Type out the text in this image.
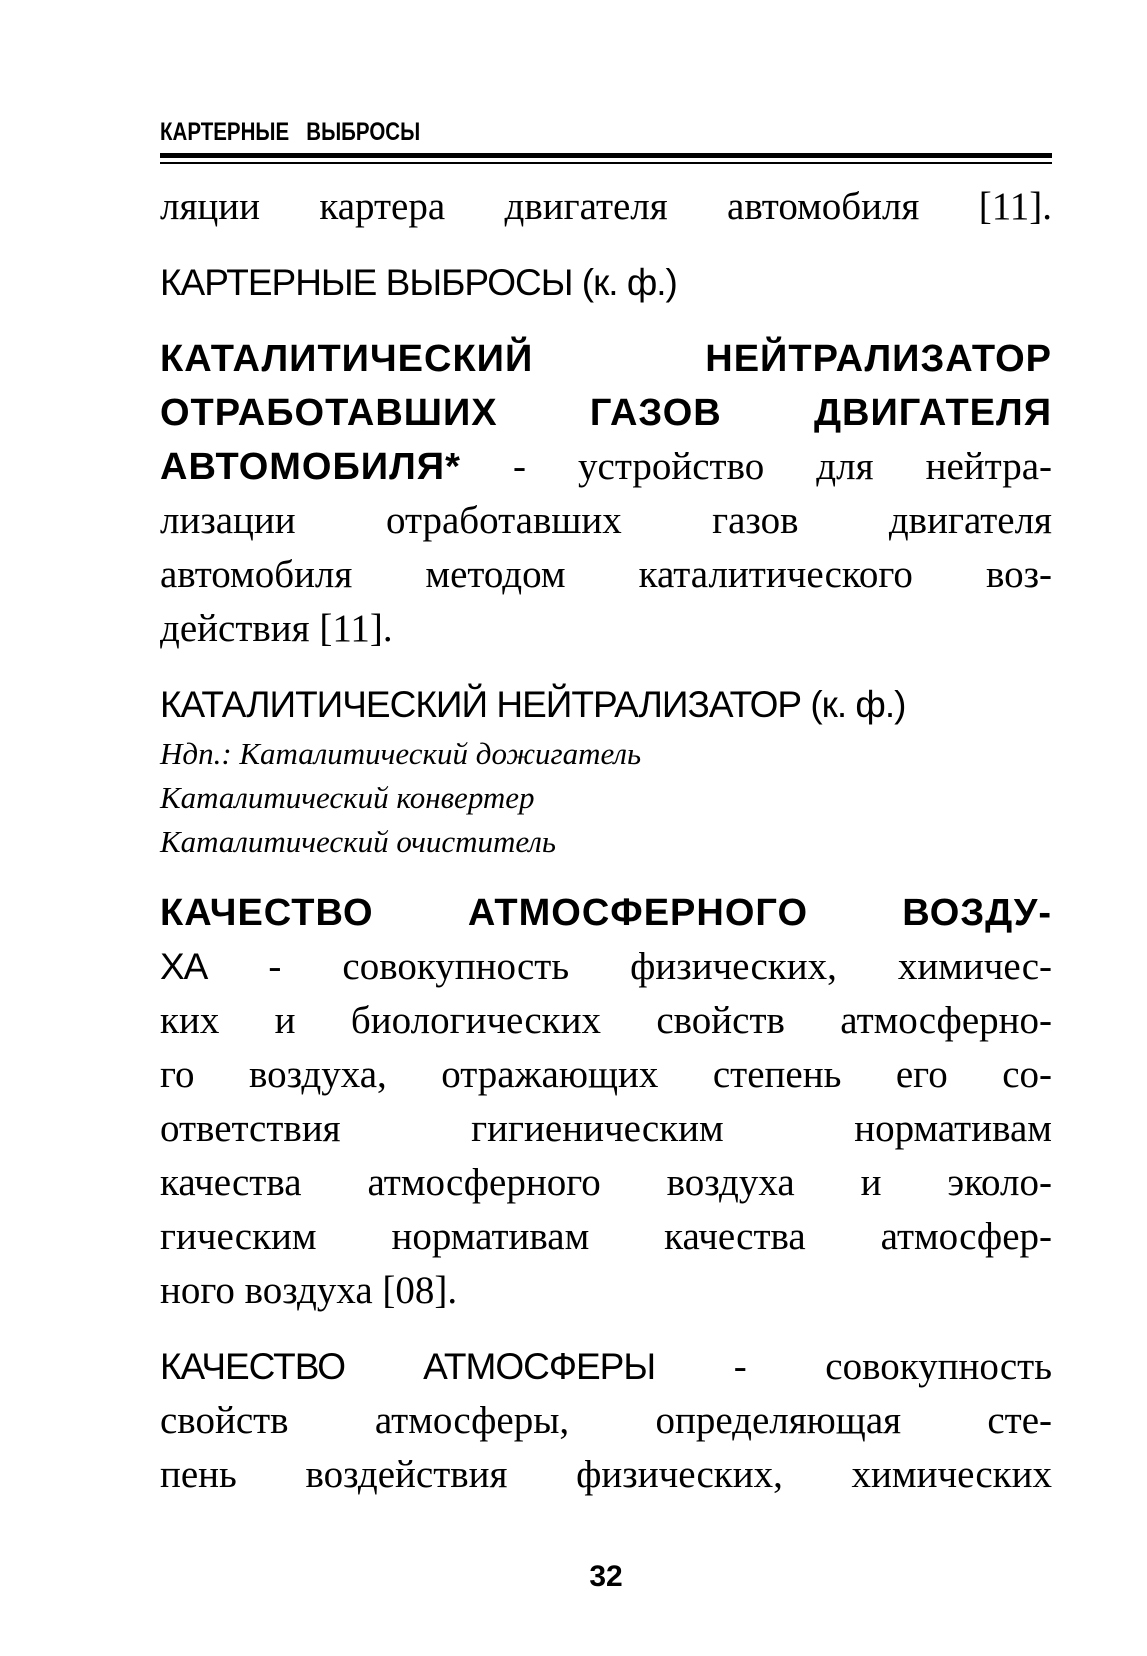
КАРТЕРНЫЕ ВЫБРОСЫ
ляции картера двигателя автомобиля [11].
КАРТЕРНЫЕ ВЫБРОСЫ (к. ф.)
КАТАЛИТИЧЕСКИЙ НЕЙТРАЛИЗАТОР
ОТРАБОТАВШИХ ГАЗОВ ДВИГАТЕЛЯ
АВТОМОБИЛЯ* - устройство для нейтра-
лизации отработавших газов двигателя
автомобиля методом каталитического воз-
действия [11].
КАТАЛИТИЧЕСКИЙ НЕЙТРАЛИЗАТОР (к. ф.)
Ндп.: Каталитический дожигатель
Каталитический конвертер
Каталитический очиститель
КАЧЕСТВО АТМОСФЕРНОГО ВОЗДУ-
ХА - совокупность физических, химичес-
ких и биологических свойств атмосферно-
го воздуха, отражающих степень его со-
ответствия гигиеническим нормативам
качества атмосферного воздуха и эколо-
гическим нормативам качества атмосфер-
ного воздуха [08].
КАЧЕСТВО АТМОСФЕРЫ - совокупность
свойств атмосферы, определяющая сте-
пень воздействия физических, химических
32
